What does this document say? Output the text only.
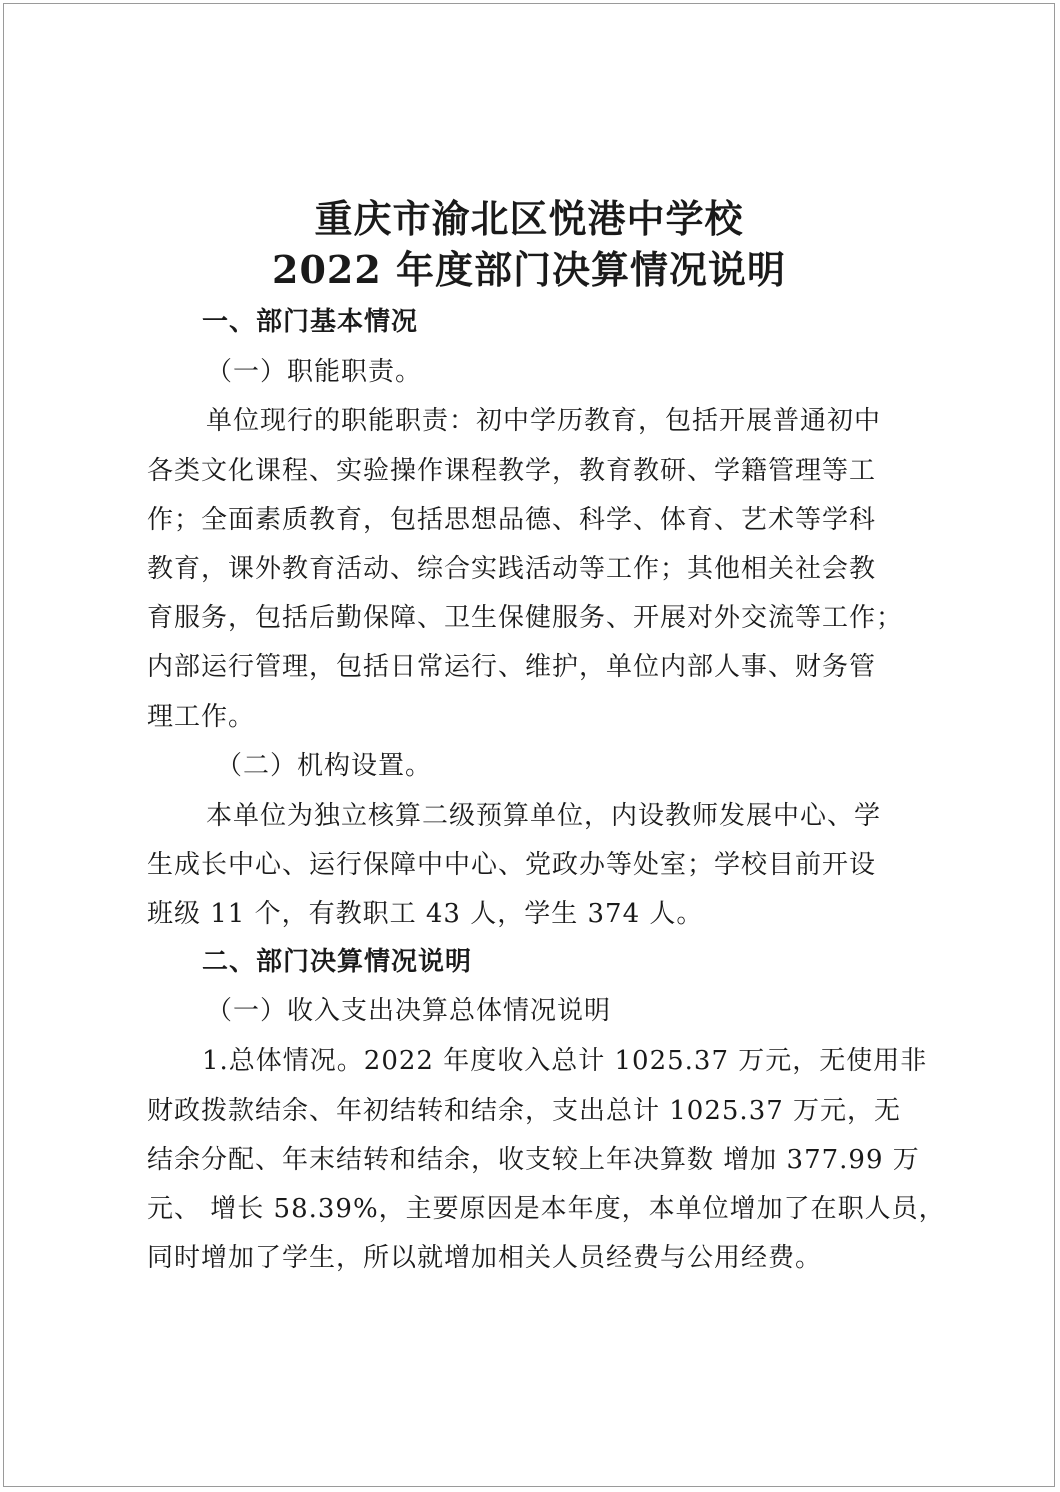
重庆市渝北区悦港中学校
2022 年度部门决算情况说明
一、部门基本情况
（一）职能职责。
单位现行的职能职责：初中学历教育，包括开展普通初中
各类文化课程、实验操作课程教学，教育教研、学籍管理等工
作；全面素质教育，包括思想品德、科学、体育、艺术等学科
教育，课外教育活动、综合实践活动等工作；其他相关社会教
育服务，包括后勤保障、卫生保健服务、开展对外交流等工作；
内部运行管理，包括日常运行、维护，单位内部人事、财务管
理工作。
（二）机构设置。
本单位为独立核算二级预算单位，内设教师发展中心、学
生成长中心、运行保障中中心、党政办等处室；学校目前开设
班级 11 个，有教职工 43 人，学生 374 人。
二、部门决算情况说明
（一）收入支出决算总体情况说明
1.总体情况。2022 年度收入总计 1025.37 万元，无使用非
财政拨款结余、年初结转和结余，支出总计 1025.37 万元，无
结余分配、年末结转和结余，收支较上年决算数 增加 377.99 万
元、 增长 58.39%，主要原因是本年度，本单位增加了在职人员，
同时增加了学生，所以就增加相关人员经费与公用经费。
